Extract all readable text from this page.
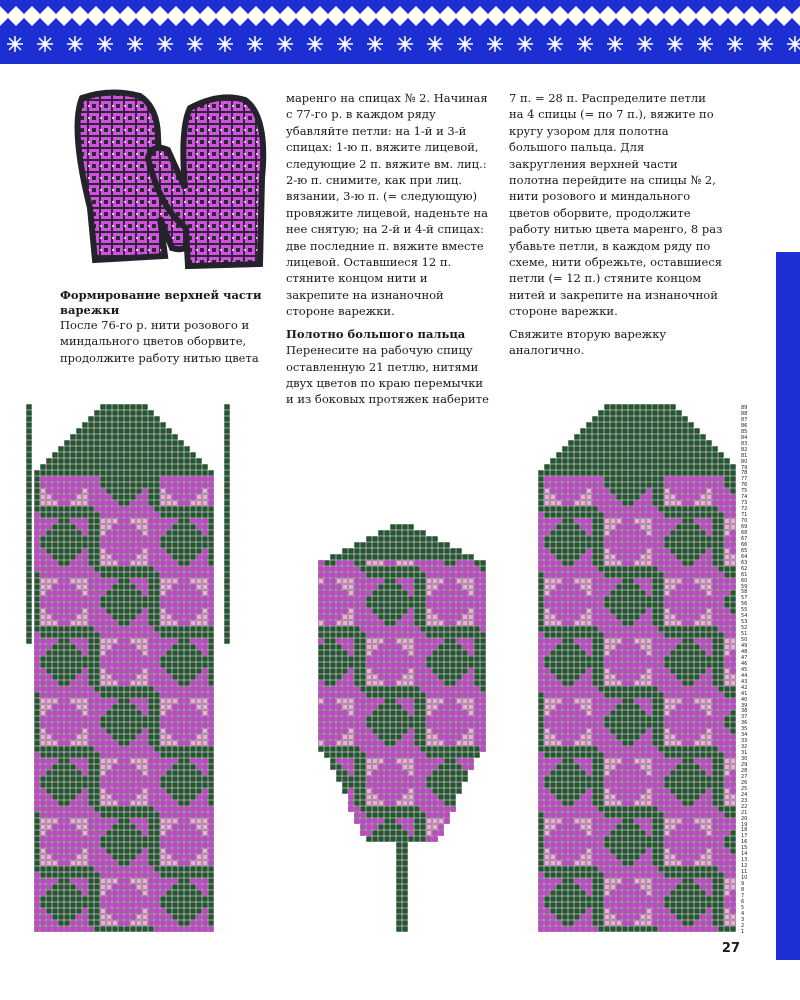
Формирование верхней части варежки

После 76-го р. нити розового и миндального цветов оборвите, продолжите работу нитью цвета

маренго на спицах № 2. Начиная с 77-го р. в каждом ряду убавляйте петли: на 1-й и 3-й спицах: 1-ю п. вяжите лицевой, следующие 2 п. вяжите вм. лиц.: 2-ю п. снимите, как при лиц. вязании, 3-ю п. (= следующую) провяжите лицевой, наденьте на нее снятую; на 2-й и 4-й спицах: две последние п. вяжите вместе лицевой. Оставшиеся 12 п. стяните концом нити и закрепите на изнаночной стороне варежки.

Полотно большого пальца

Перенесите на рабочую спицу оставленную 21 петлю, нитями двух цветов по краю перемычки и из боковых протяжек наберите

7 п. = 28 п. Распределите петли на 4 спицы (= по 7 п.), вяжите по кругу узором для полотна большого пальца. Для закругления верхней части полотна перейдите на спицы № 2, нити розового и миндального цветов оборвите, продолжите работу нитью цвета маренго, 8 раз убавьте петли, в каждом ряду по схеме, нити обрежьте, оставшиеся петли (= 12 п.) стяните концом нитей и закрепите на изнаночной стороне варежки.

Свяжите вторую варежку аналогично.

89
88
87
86
85
84
83
82
81
80
79
78
77
76
75
74
73
72
71
70
69
68
67
66
65
64
63
62
61
60
59
58
57
56
55
54
53
52
51
50
49
48
47
46
45
44
43
42
41
40
39
38
37
36
35
34
33
32
31
30
29
28
27
26
25
24
23
22
21
20
19
18
17
16
15
14
13
12
11
10
9
8
7
6
5
4
3
2
1
27
